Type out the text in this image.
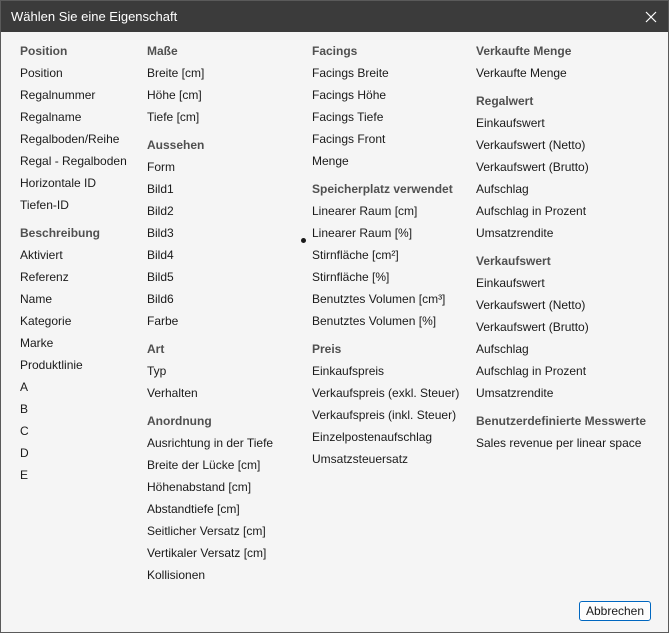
Wählen Sie eine Eigenschaft
Position
Position
Regalnummer
Regalname
Regalboden/Reihe
Regal - Regalboden
Horizontale ID
Tiefen-ID
Beschreibung
Aktiviert
Referenz
Name
Kategorie
Marke
Produktlinie
A
B
C
D
E
Maße
Breite [cm]
Höhe [cm]
Tiefe [cm]
Aussehen
Form
Bild1
Bild2
Bild3
Bild4
Bild5
Bild6
Farbe
Art
Typ
Verhalten
Anordnung
Ausrichtung in der Tiefe
Breite der Lücke [cm]
Höhenabstand [cm]
Abstandtiefe [cm]
Seitlicher Versatz [cm]
Vertikaler Versatz [cm]
Kollisionen
Facings
Facings Breite
Facings Höhe
Facings Tiefe
Facings Front
Menge
Speicherplatz verwendet
Linearer Raum [cm]
Linearer Raum [%]
Stirnfläche [cm²]
Stirnfläche [%]
Benutztes Volumen [cm³]
Benutztes Volumen [%]
Preis
Einkaufspreis
Verkaufspreis (exkl. Steuer)
Verkaufspreis (inkl. Steuer)
Einzelpostenaufschlag
Umsatzsteuersatz
Verkaufte Menge
Verkaufte Menge
Regalwert
Einkaufswert
Verkaufswert (Netto)
Verkaufswert (Brutto)
Aufschlag
Aufschlag in Prozent
Umsatzrendite
Verkaufswert
Einkaufswert
Verkaufswert (Netto)
Verkaufswert (Brutto)
Aufschlag
Aufschlag in Prozent
Umsatzrendite
Benutzerdefinierte Messwerte
Sales revenue per linear space
Abbrechen
